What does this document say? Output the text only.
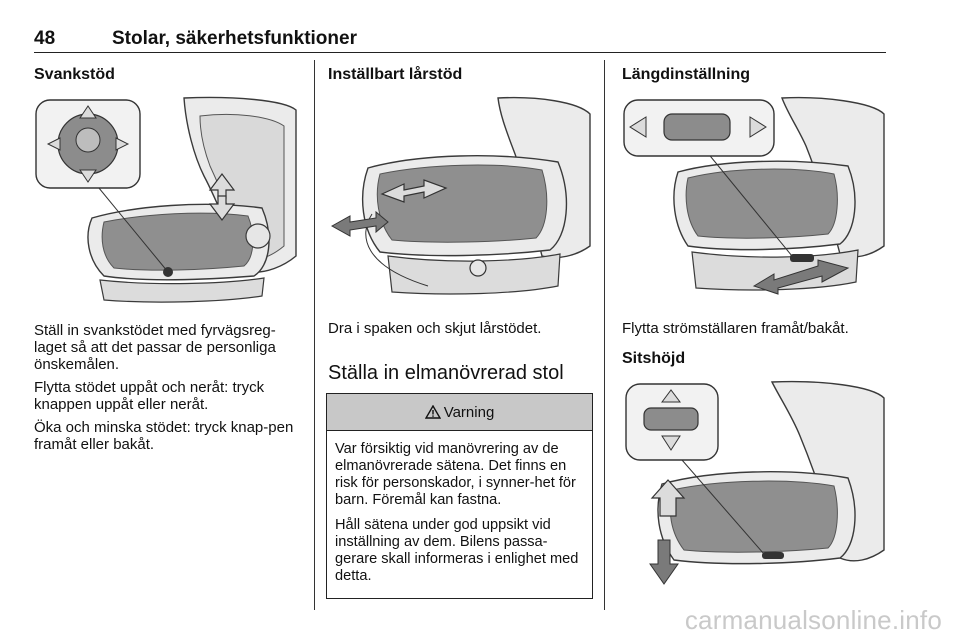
48	Stolar, säkerhetsfunktioner
Svankstöd

Ställ in svankstödet med fyrvägsreg-laget så att det passar de personliga önskemålen.

Flytta stödet uppåt och neråt: tryck knappen uppåt eller neråt.

Öka och minska stödet: tryck knap-pen framåt eller bakåt.

Inställbart lårstöd

Dra i spaken och skjut lårstödet.

Ställa in elmanövrerad stol
Varning

Var försiktig vid manövrering av de elmanövrerade sätena. Det finns en risk för personskador, i synner-het för barn. Föremål kan fastna.

Håll sätena under god uppsikt vid inställning av dem. Bilens passa-gerare skall informeras i enlighet med detta.

Längdinställning

Flytta strömställaren framåt/bakåt.

Sitshöjd
carmanualsonline.info
